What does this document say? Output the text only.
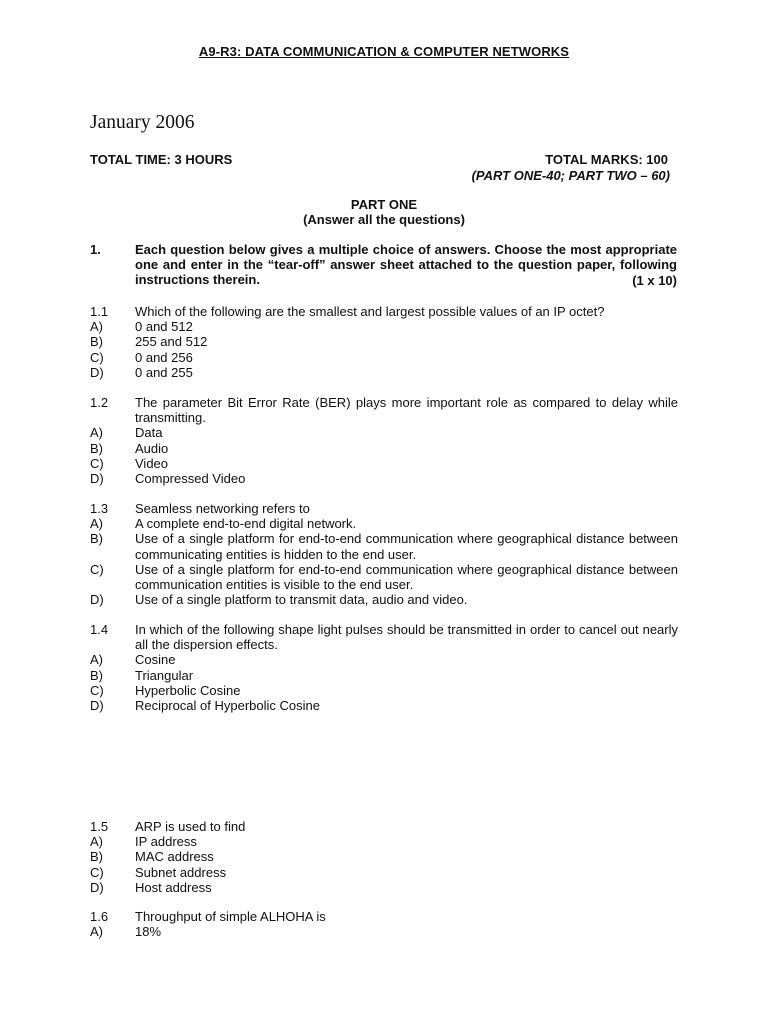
A9-R3: DATA COMMUNICATION & COMPUTER NETWORKS
January 2006
TOTAL TIME: 3 HOURS	TOTAL MARKS: 100
(PART ONE-40; PART TWO – 60)
PART ONE
(Answer all the questions)
1.	Each question below gives a multiple choice of answers. Choose the most appropriate one and enter in the “tear-off” answer sheet attached to the question paper, following instructions therein.	(1 x 10)
1.1	Which of the following are the smallest and largest possible values of an IP octet?
A)	0 and 512
B)	255 and 512
C)	0 and 256
D)	0 and 255
1.2	The parameter Bit Error Rate (BER) plays more important role as compared to delay while transmitting.
A)	Data
B)	Audio
C)	Video
D)	Compressed Video
1.3	Seamless networking refers to
A)	A complete end-to-end digital network.
B)	Use of a single platform for end-to-end communication where geographical distance between communicating entities is hidden to the end user.
C)	Use of a single platform for end-to-end communication where geographical distance between communication entities is visible to the end user.
D)	Use of a single platform to transmit data, audio and video.
1.4	In which of the following shape light pulses should be transmitted in order to cancel out nearly all the dispersion effects.
A)	Cosine
B)	Triangular
C)	Hyperbolic Cosine
D)	Reciprocal of Hyperbolic Cosine
1.5	ARP is used to find
A)	IP address
B)	MAC address
C)	Subnet address
D)	Host address
1.6	Throughput of simple ALHOHA is
A)	18%
